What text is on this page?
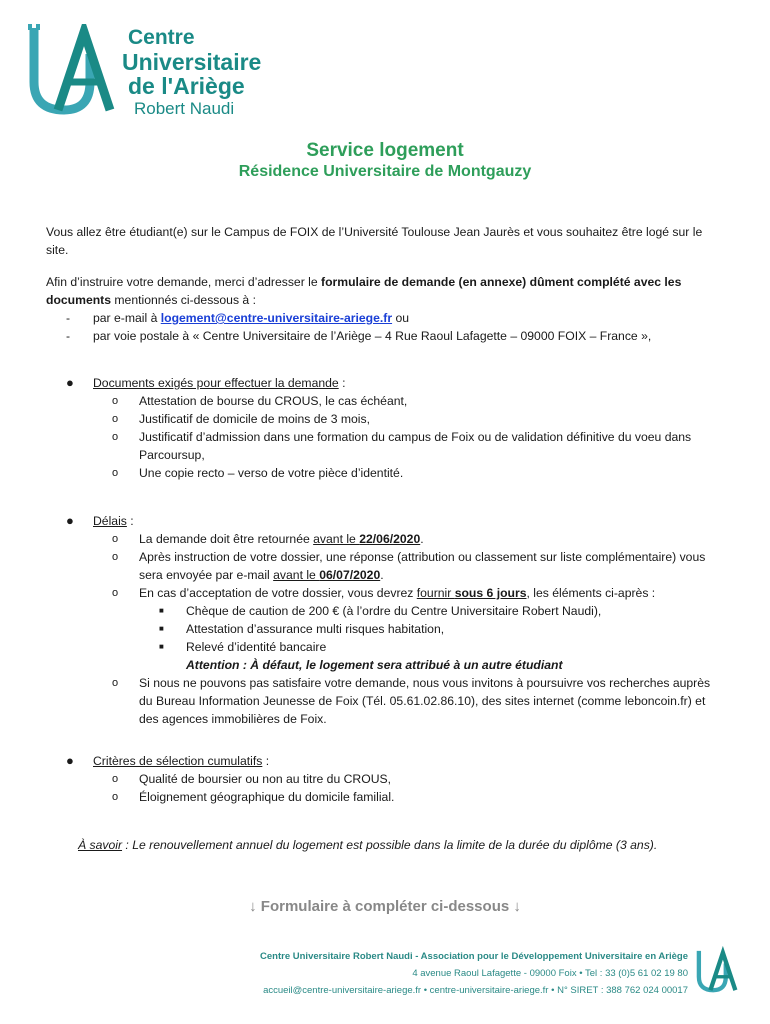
Centre
Universitaire
de l'Ariège
Robert Naudi
Service logement
Résidence Universitaire de Montgauzy

Vous allez être étudiant(e) sur le Campus de FOIX de l’Université Toulouse Jean Jaurès et vous souhaitez être logé sur le site.

Afin d’instruire votre demande, merci d’adresser le formulaire de demande (en annexe) dûment complété avec les documents mentionnés ci-dessous à :

-	par e-mail à logement@centre-universitaire-ariege.fr ou
-	par voie postale à « Centre Universitaire de l’Ariège – 4 Rue Raoul Lafagette – 09000 FOIX – France »,
●	Documents exigés pour effectuer la demande :
o	Attestation de bourse du CROUS, le cas échéant,
o	Justificatif de domicile de moins de 3 mois,
o	Justificatif d’admission dans une formation du campus de Foix ou de validation définitive du voeu dans Parcoursup,
o	Une copie recto – verso de votre pièce d’identité.
●	Délais :
o	La demande doit être retournée avant le 22/06/2020.
o	Après instruction de votre dossier, une réponse (attribution ou classement sur liste complémentaire) vous sera envoyée par e-mail avant le 06/07/2020.
o	En cas d’acceptation de votre dossier, vous devrez fournir sous 6 jours, les éléments ci-après :
■	Chèque de caution de 200 € (à l’ordre du Centre Universitaire Robert Naudi),
■	Attestation d’assurance multi risques habitation,
■	Relevé d’identité bancaire
Attention : À défaut, le logement sera attribué à un autre étudiant
o	Si nous ne pouvons pas satisfaire votre demande, nous vous invitons à poursuivre vos recherches auprès du Bureau Information Jeunesse de Foix (Tél. 05.61.02.86.10), des sites internet (comme leboncoin.fr) et des agences immobilières de Foix.
●	Critères de sélection cumulatifs :
o	Qualité de boursier ou non au titre du CROUS,
o	Éloignement géographique du domicile familial.
À savoir : Le renouvellement annuel du logement est possible dans la limite de la durée du diplôme (3 ans).
↓ Formulaire à compléter ci-dessous ↓
Centre Universitaire Robert Naudi - Association pour le Développement Universitaire en Ariège
4 avenue Raoul Lafagette - 09000 Foix • Tel : 33 (0)5 61 02 19 80
accueil@centre-universitaire-ariege.fr • centre-universitaire-ariege.fr • N° SIRET : 388 762 024 00017
